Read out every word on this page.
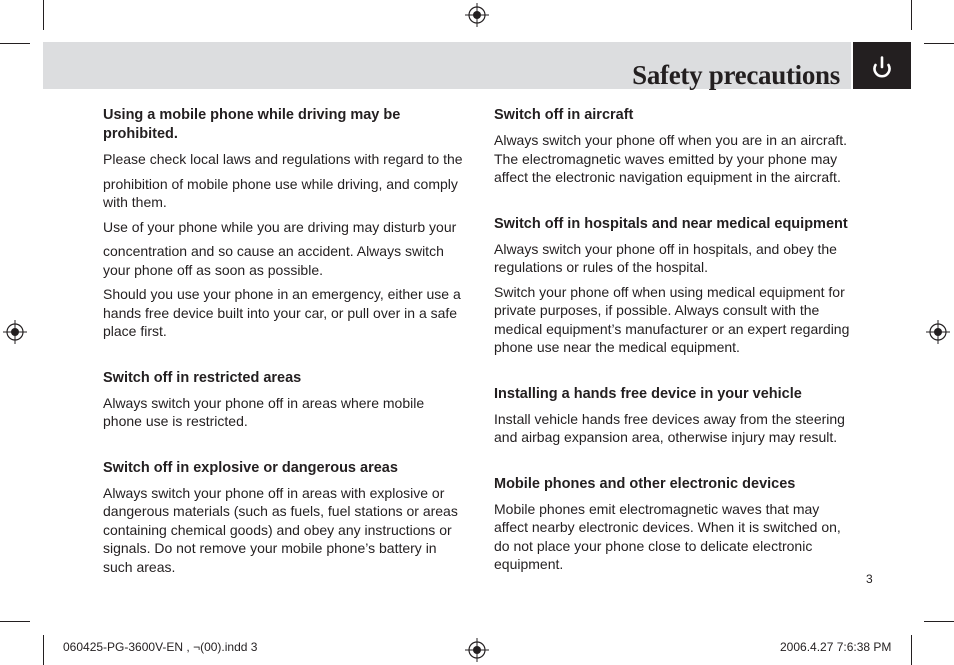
Safety precautions
Using a mobile phone while driving may be prohibited.

Please check local laws and regulations with regard to the

prohibition of mobile phone use while driving, and comply with them.

Use of your phone while you are driving may disturb your

concentration and so cause an accident. Always switch your phone off as soon as possible.

Should you use your phone in an emergency, either use a hands free device built into your car, or pull over in a safe place first.

Switch off in restricted areas

Always switch your phone off in areas where mobile phone use is restricted.

Switch off in explosive or dangerous areas

Always switch your phone off in areas with explosive or dangerous materials (such as fuels, fuel stations or areas containing chemical goods) and obey any instructions or signals. Do not remove your mobile phone’s battery in such areas.

Switch off in aircraft

Always switch your phone off when you are in an aircraft. The electromagnetic waves emitted by your phone may affect the electronic navigation equipment in the aircraft.

Switch off in hospitals and near medical equipment

Always switch your phone off in hospitals, and obey the regulations or rules of the hospital.

Switch your phone off when using medical equipment for private purposes, if possible. Always consult with the medical equipment’s manufacturer or an expert regarding phone use near the medical equipment.

Installing a hands free device in your vehicle

Install vehicle hands free devices away from the steering and airbag expansion area, otherwise injury may result.

Mobile phones and other electronic devices

Mobile phones emit electromagnetic waves that may affect nearby electronic devices. When it is switched on, do not place your phone close to delicate electronic equipment.

3
060425-PG-3600V-EN , ¬(00).indd 3	2006.4.27 7:6:38 PM
